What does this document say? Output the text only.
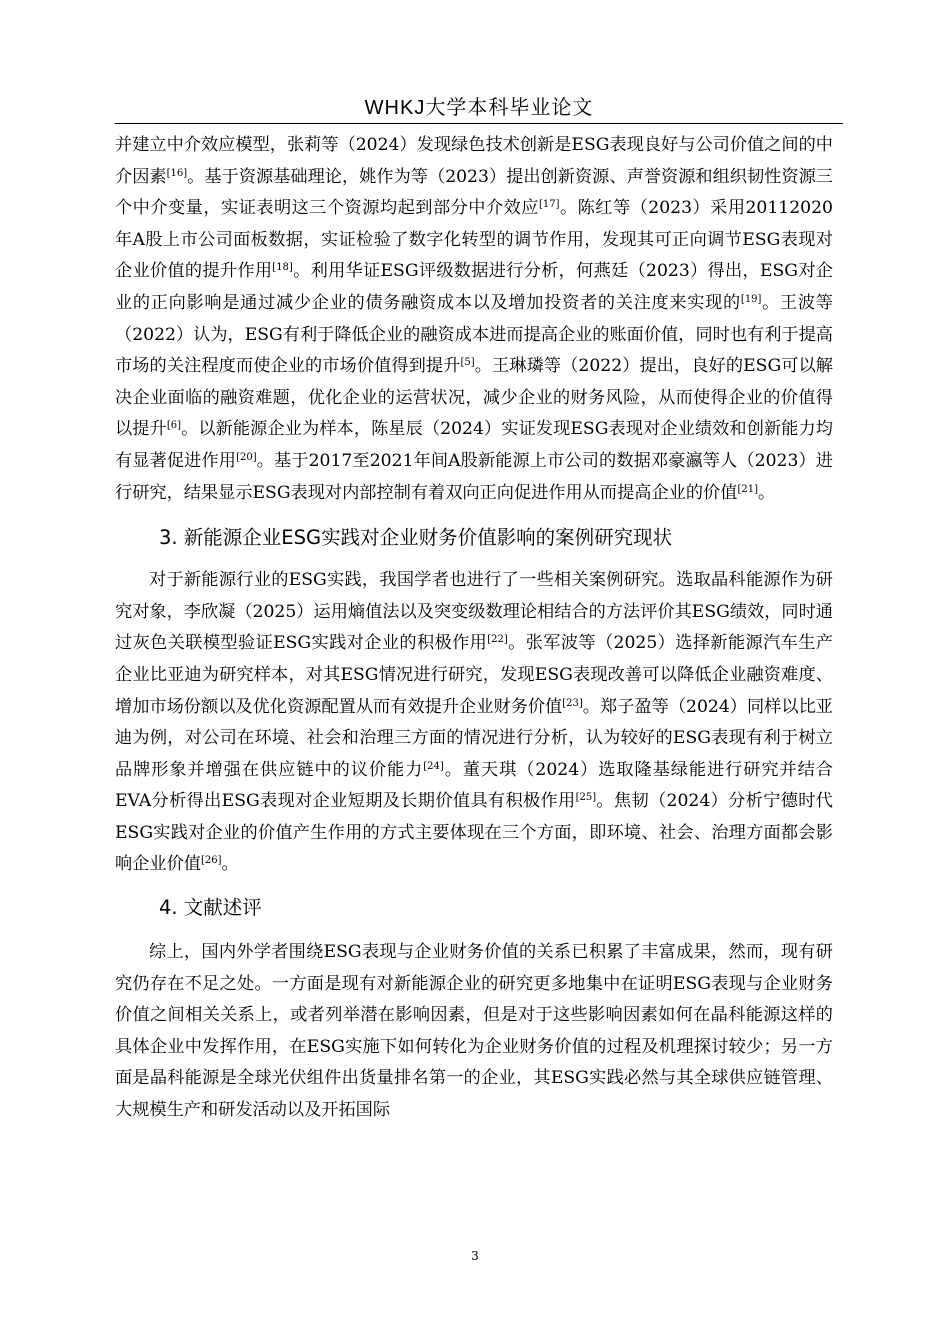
WHKJ大学本科毕业论文

并建立中介效应模型，张莉等（2024）发现绿色技术创新是ESG表现良好与公司价值之间的中介因素[16]。基于资源基础理论，姚作为等（2023）提出创新资源、声誉资源和组织韧性资源三个中介变量，实证表明这三个资源均起到部分中介效应[17]。陈红等（2023）采用20112020年A股上市公司面板数据，实证检验了数字化转型的调节作用，发现其可正向调节ESG表现对企业价值的提升作用[18]。利用华证ESG评级数据进行分析，何燕廷（2023）得出，ESG对企业的正向影响是通过减少企业的债务融资成本以及增加投资者的关注度来实现的[19]。王波等（2022）认为，ESG有利于降低企业的融资成本进而提高企业的账面价值，同时也有利于提高市场的关注程度而使企业的市场价值得到提升[5]。王琳璘等（2022）提出，良好的ESG可以解决企业面临的融资难题，优化企业的运营状况，减少企业的财务风险，从而使得企业的价值得以提升[6]。以新能源企业为样本，陈星辰（2024）实证发现ESG表现对企业绩效和创新能力均有显著促进作用[20]。基于2017至2021年间A股新能源上市公司的数据邓豪瀛等人（2023）进行研究，结果显示ESG表现对内部控制有着双向正向促进作用从而提高企业的价值[21]。

3. 新能源企业ESG实践对企业财务价值影响的案例研究现状

对于新能源行业的ESG实践，我国学者也进行了一些相关案例研究。选取晶科能源作为研究对象，李欣凝（2025）运用熵值法以及突变级数理论相结合的方法评价其ESG绩效，同时通过灰色关联模型验证ESG实践对企业的积极作用[22]。张军波等（2025）选择新能源汽车生产企业比亚迪为研究样本，对其ESG情况进行研究，发现ESG表现改善可以降低企业融资难度、增加市场份额以及优化资源配置从而有效提升企业财务价值[23]。郑子盈等（2024）同样以比亚迪为例，对公司在环境、社会和治理三方面的情况进行分析，认为较好的ESG表现有利于树立品牌形象并增强在供应链中的议价能力[24]。董天琪（2024）选取隆基绿能进行研究并结合EVA分析得出ESG表现对企业短期及长期价值具有积极作用[25]。焦韧（2024）分析宁德时代ESG实践对企业的价值产生作用的方式主要体现在三个方面，即环境、社会、治理方面都会影响企业价值[26]。

4. 文献述评

综上，国内外学者围绕ESG表现与企业财务价值的关系已积累了丰富成果，然而，现有研究仍存在不足之处。一方面是现有对新能源企业的研究更多地集中在证明ESG表现与企业财务价值之间相关关系上，或者列举潜在影响因素，但是对于这些影响因素如何在晶科能源这样的具体企业中发挥作用，在ESG实施下如何转化为企业财务价值的过程及机理探讨较少；另一方面是晶科能源是全球光伏组件出货量排名第一的企业，其ESG实践必然与其全球供应链管理、大规模生产和研发活动以及开拓国际

3
